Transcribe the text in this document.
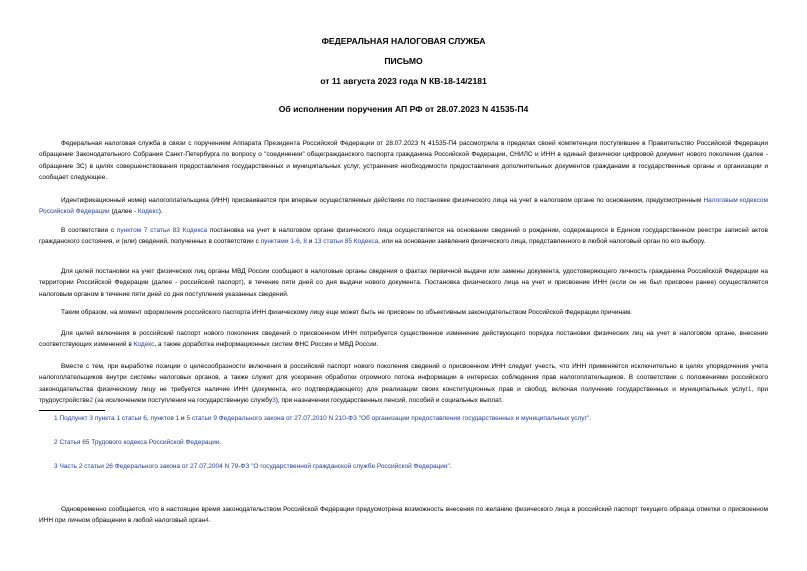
ФЕДЕРАЛЬНАЯ НАЛОГОВАЯ СЛУЖБА
ПИСЬМО
от 11 августа 2023 года N КВ-18-14/2181
Об исполнении поручения АП РФ от 28.07.2023 N 41535-П4
Федеральная налоговая служба в связи с поручением Аппарата Президента Российской Федерации от 28.07.2023 N 41535-П4 рассмотрела в пределах своей компетенции поступившее в Правительство Российской Федерации обращение Законодательного Собрания Санкт-Петербурга по вопросу о "соединении" общегражданского паспорта гражданина Российской Федерации, СНИЛС и ИНН в единый физически цифровой документ нового поколения (далее - обращение ЗС) в целях совершенствования предоставления государственных и муниципальных услуг, устранения необходимости предоставления дополнительных документов гражданами в государственные органы и организации и сообщает следующее.
Идентификационный номер налогоплательщика (ИНН) присваивается при впервые осуществляемых действиях по постановке физического лица на учет в налоговом органе по основаниям, предусмотренным Налоговым кодексом Российской Федерации (далее - Кодекс).
В соответствии с пунктом 7 статьи 83 Кодекса постановка на учет в налоговом органе физического лица осуществляется на основании сведений о рождении, содержащихся в Едином государственном реестре записей актов гражданского состояния, и (или) сведений, полученных в соответствии с пунктами 1-6, 8 и 13 статьи 85 Кодекса, или на основании заявления физического лица, представленного в любой налоговый орган по его выбору.
Для целей постановки на учет физических лиц органы МВД России сообщают в налоговые органы сведения о фактах первичной выдачи или замены документа, удостоверяющего личность гражданина Российской Федерации на территории Российской Федерации (далее - российский паспорт), в течение пяти дней со дня выдачи нового документа. Постановка физического лица на учет и присвоение ИНН (если он не был присвоен ранее) осуществляется налоговым органом в течение пяти дней со дня поступления указанных сведений.
Таким образом, на момент оформления российского паспорта ИНН физическому лицу еще может быть не присвоен по объективным законодательством Российской Федерации причинам.
Для целей включения в российский паспорт нового поколения сведений о присвоенном ИНН потребуется существенное изменение действующего порядка постановки физических лиц на учет в налоговом органе, внесение соответствующих изменений в Кодекс, а также доработка информационных систем ФНС России и МВД России.
Вместе с тем, при выработке позиции о целесообразности включения в российский паспорт нового поколения сведений о присвоенном ИНН следует учесть, что ИНН применяется исключительно в целях упорядочения учета налогоплательщиков внутри системы налоговых органов, а также служит для ускорения обработки огромного потока информации в интересах соблюдения прав налогоплательщиков. В соответствии с положениями российского законодательства физическому лицу не требуется наличие ИНН (документа, его подтверждающего) для реализации своих конституционных прав и свобод, включая получение государственных и муниципальных услуг1, при трудоустройстве2 (за исключением поступления на государственную службу3), при назначении государственных пенсий, пособий и социальных выплат.
1 Подпункт 3 пункта 1 статьи 6, пунктов 1 и 5 статьи 9 Федерального закона от 27.07.2010 N 210-ФЗ "Об организации предоставления государственных и муниципальных услуг".
2 Статья 65 Трудового кодекса Российской Федерации.
3 Часть 2 статьи 26 Федерального закона от 27.07.2004 N 79-ФЗ "О государственной гражданской службе Российской Федерации".
Одновременно сообщается, что в настоящее время законодательством Российской Федерации предусмотрена возможность внесения по желанию физического лица в российский паспорт текущего образца отметки о присвоенном ИНН при личном обращении в любой налоговый орган4.
